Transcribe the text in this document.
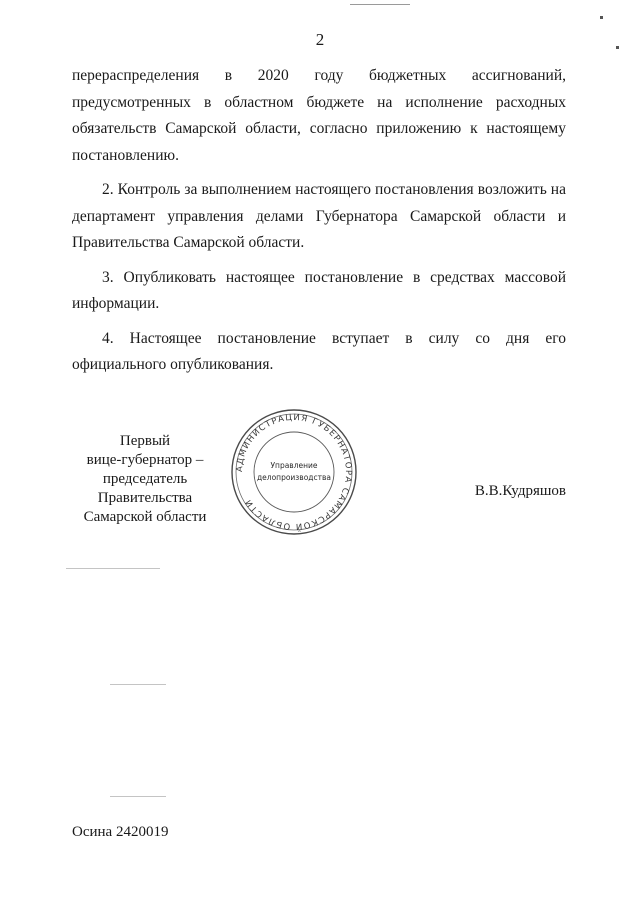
2

перераспределения в 2020 году бюджетных ассигнований, предусмотренных в областном бюджете на исполнение расходных обязательств Самарской области, согласно приложению к настоящему постановлению.

2. Контроль за выполнением настоящего постановления возложить на департамент управления делами Губернатора Самарской области и Правительства Самарской области.

3. Опубликовать настоящее постановление в средствах массовой информации.

4. Настоящее постановление вступает в силу со дня его официального опубликования.

АДМИНИСТРАЦИЯ ГУБЕРНАТОРА САМАРСКОЙ ОБЛАСТИ
Управление
делопроизводства
Первый
вице-губернатор –
председатель Правительства
Самарской области
В.В.Кудряшов
Осина 2420019
